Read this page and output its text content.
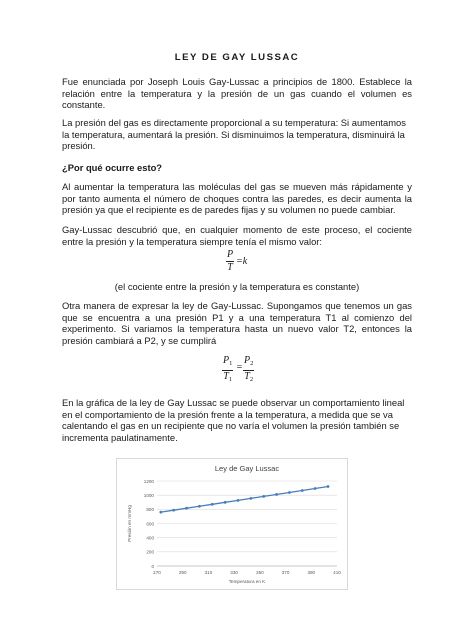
LEY DE GAY LUSSAC

Fue enunciada por Joseph Louis Gay-Lussac a principios de 1800. Establece la relación entre la temperatura y la presión de un gas cuando el volumen es constante.

La presión del gas es directamente proporcional a su temperatura: Si aumentamos la temperatura, aumentará la presión. Si disminuimos la temperatura, disminuirá la presión.

¿Por qué ocurre esto?

Al aumentar la temperatura las moléculas del gas se mueven más rápidamente y por tanto aumenta el número de choques contra las paredes, es decir aumenta la presión ya que el recipiente es de paredes fijas y su volumen no puede cambiar.

Gay-Lussac descubrió que, en cualquier momento de este proceso, el cociente entre la presión y la temperatura siempre tenía el mismo valor:

$\frac{P}{T} =k$

(el cociente entre la presión y la temperatura es constante)

Otra manera de expresar la ley de Gay-Lussac. Supongamos que tenemos un gas que se encuentra a una presión P1 y a una temperatura T1 al comienzo del experimento. Si variamos la temperatura hasta un nuevo valor T2, entonces la presión cambiará a P2, y se cumplirá

$\frac{P_1}{T_1} = \frac{P_2}{T_2}$

En la gráfica de la ley de Gay Lussac se puede observar un comportamiento lineal en el comportamiento de la presión frente a la temperatura, a medida que se va calentando el gas en un recipiente que no varía el volumen la presión también se incrementa paulatinamente.

Ley de Gay Lussac
0
200
400
600
800
1000
1200
270	290	310	330	350	370	390	410
Temperatura en K
Presión en mmHg
